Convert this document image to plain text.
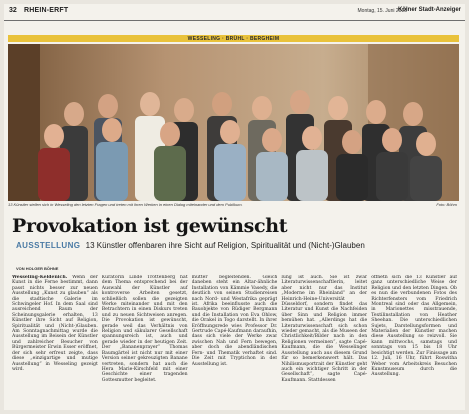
32 RHEIN-ERFT	Montag, 15. Juni 2015
Kölner Stadt-Anzeiger
WESSELING · BRÜHL · BERGHEIM
13 Künstler stellen sich in Wesseling den letzten Fragen und treten mit ihren Werken in einen Dialog miteinander und dem Publikum.	Foto: Böhm
Provokation ist gewünscht
AUSSTELLUNG 13 Künstler offenbaren ihre Sicht auf Religion, Spiritualität und (Nicht-)Glauben
VON HOLGER BÖHNE

Wesseling-Keldenich. Wenn der Kunst in die Ferne bestimmt, dann passt nichts besser zur neuen Ausstellung „Kunst zu glauben“ als die stadtische Galerie im Schwingeler Hof. In dem Saal sind ausreichend Raum der Scheinungsgalerie erhalten, 13 Künstler ihre Sicht auf Religion, Spiritualität und (Nicht-)Glauben. Am Sonntagnachmittag wurde die Ausstellung im Beisein der Künstler und zahlreicher Besucher von Bürgermeister Erwin Esser eröffnet, der sich sehr erfreut zeigte, dass diese „einzigartige und mutige Ausstellung“ in Wesseling gezeigt wird.

Kuratorin Linde Trottenberg hat dem Thema entsprechend bei der Auswahl der Künstler auf kontroverse Arbeiten gesetzt, schließlich sollen die gezeigten Werke miteinander und mit den Betrachtern in einen Diskurs treten und zu neuen Sichtweisen anregen. Die Provokation ist gewünscht, gerade weil das Verhältnis von Religion und säkularer Gesellschaft spannungsreich ist, auch und gerade wieder in der heutigen Zeit. Der „Bananenprayer“ Thomas Baumgärtel ist nicht nur mit einer Version seiner gekreuzigten Banane vertreten, sondern hat auch die Hera Marie-Kirschfeld mit einer Geschichte einer tragenden Gottesmutter begleitet.

mutter begleitenden. Gleich daneben steht ein Altar-ähnliche Installation von Kämmie Vasedy, die deutlich von seinen Studienreisen nach Nord- und Westafrika geprägt ist. Afrika beeinflusste auch die Bauobjekte von Rüdiger Bergmann und die Installation von Eva Ohlow, die Orakel in Togo darstellt. In ihrer Eröffnungsrede wies Professor Dr. Gertrude Capé-Kaufmann daraufhin, dass sich viele der Werke zwar zwischen Nah und Fern bewegen, aber doch die abendländischen Fern- und Thematik verhaftet sind. Die Zeit mit Tryptichon in der Ausstellung ist.

lung ist auch. Sie ist zwar Literaturwissenschaftlerin, leitet aber nicht nur das Institut „Moderne im Rheinland“ an der Heinrich-Heine-Universität Düsseldorf, sondern findet das Literatur und Kunst die Nachfeiden über Sinn und Religion immer bemühen hat. „Allerdings hat die Literaturwissenschaft sich schon wieder gemacht, als die Museen der Christlichkeit/Bilder nach in den Religionen vermeinen“, sagte Capé-Kaufmann, die die Wesselinger Ausstellung auch aus diesem Grund für so bemerkenswert hält. Das Nihilismusportrait der Künstler geht auch ein wichtiger Schritt in der Gesellschaft“, sagte Capé-Kaufmann. Stattdessen

offnetn sich die 13 Künstler auf ganz unterschiedliche Weise der Religion und den letzten Dingen. Ob es nun die verbundenen Fotos des Richterfensters vom Friedrich Montreal sind oder das Allgemein, in Marionettes misstrauende, Textilinstallation von Heather Sheehan. Die unterschiedlichen Sujets, Darstellungsformen und Materialien der Künstler machen diese Ausstellung so reizvoll. Sie kann mittwochs, samstags und sonntags von 15 bis 18 Uhr besichtigt werden. Zur Finissage am 12. Juli, 16 Uhr, führt Roswitha Weber vom Arbeitskreis Besuchen Kunstmuseum durch die Ausstellung.
